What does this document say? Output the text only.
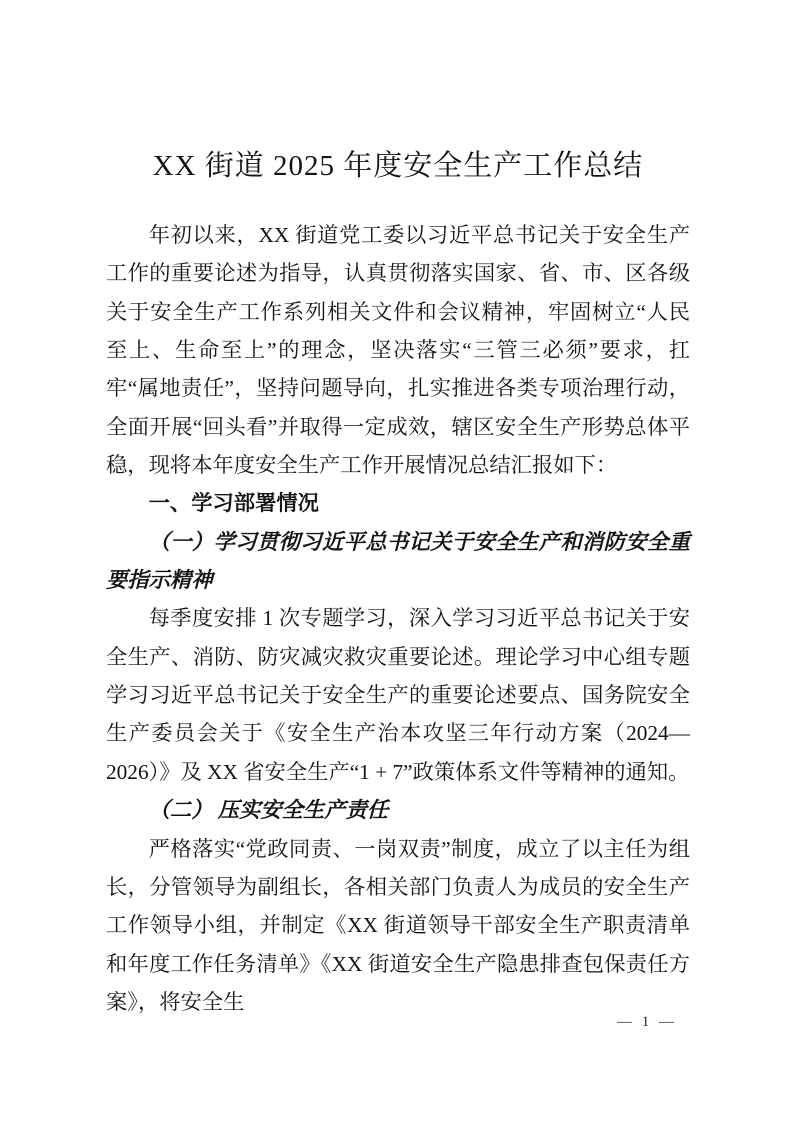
XX 街道 2025 年度安全生产工作总结

年初以来，XX 街道党工委以习近平总书记关于安全生产工作的重要论述为指导，认真贯彻落实国家、省、市、区各级关于安全生产工作系列相关文件和会议精神，牢固树立“人民至上、生命至上”的理念，坚决落实“三管三必须”要求，扛牢“属地责任”，坚持问题导向，扎实推进各类专项治理行动，全面开展“回头看”并取得一定成效，辖区安全生产形势总体平稳，现将本年度安全生产工作开展情况总结汇报如下：

一、学习部署情况
（一）学习贯彻习近平总书记关于安全生产和消防安全重要指示精神

每季度安排 1 次专题学习，深入学习习近平总书记关于安全生产、消防、防灾减灾救灾重要论述。理论学习中心组专题学习习近平总书记关于安全生产的重要论述要点、国务院安全生产委员会关于《安全生产治本攻坚三年行动方案（2024—2026）》及 XX 省安全生产“1 + 7”政策体系文件等精神的通知。

（二） 压实安全生产责任

严格落实“党政同责、一岗双责”制度，成立了以主任为组长，分管领导为副组长，各相关部门负责人为成员的安全生产工作领导小组，并制定《XX 街道领导干部安全生产职责清单和年度工作任务清单》《XX 街道安全生产隐患排查包保责任方案》，将安全生

— 1 —
